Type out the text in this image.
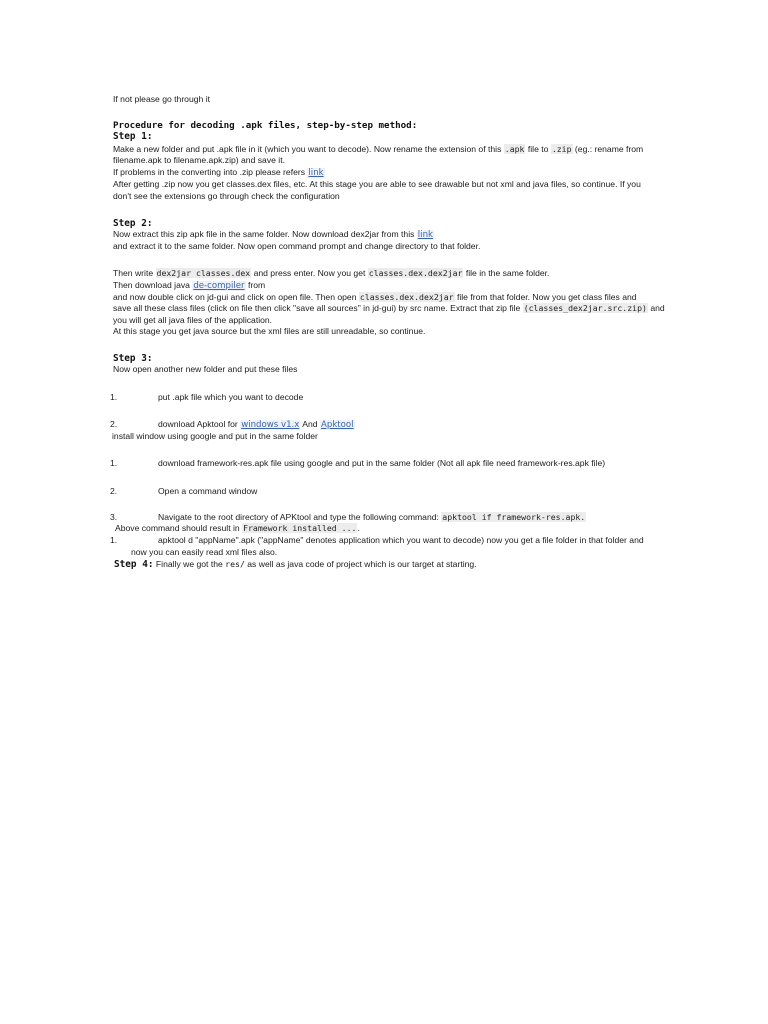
If not please go through it
Procedure for decoding .apk files, step-by-step method:
Step 1:
Make a new folder and put .apk file in it (which you want to decode). Now rename the extension of this .apk file to .zip (eg.: rename from
filename.apk to filename.apk.zip) and save it.
If problems in the converting into .zip please refers link
After getting .zip now you get classes.dex files, etc. At this stage you are able to see drawable but not xml and java files, so continue. If you
don't see the extensions go through check the configuration
Step 2:
Now extract this zip apk file in the same folder. Now download dex2jar from this link
and extract it to the same folder. Now open command prompt and change directory to that folder.
Then write dex2jar classes.dex and press enter. Now you get classes.dex.dex2jar file in the same folder.
Then download java de-compiler from
and now double click on jd-gui and click on open file. Then open classes.dex.dex2jar file from that folder. Now you get class files and
save all these class files (click on file then click "save all sources" in jd-gui) by src name. Extract that zip file (classes_dex2jar.src.zip) and
you will get all java files of the application.
At this stage you get java source but the xml files are still unreadable, so continue.
Step 3:
Now open another new folder and put these files
1.	put .apk file which you want to decode
2.	download Apktool for windows v1.x And Apktool
install window using google and put in the same folder
1.	download framework-res.apk file using google and put in the same folder (Not all apk file need framework-res.apk file)
2.	Open a command window
3.	Navigate to the root directory of APKtool and type the following command: apktool if framework-res.apk.
Above command should result in Framework installed ....
1.	apktool d "appName".apk ("appName" denotes application which you want to decode) now you get a file folder in that folder and
now you can easily read xml files also.
Step 4: Finally we got the res/ as well as java code of project which is our target at starting.
